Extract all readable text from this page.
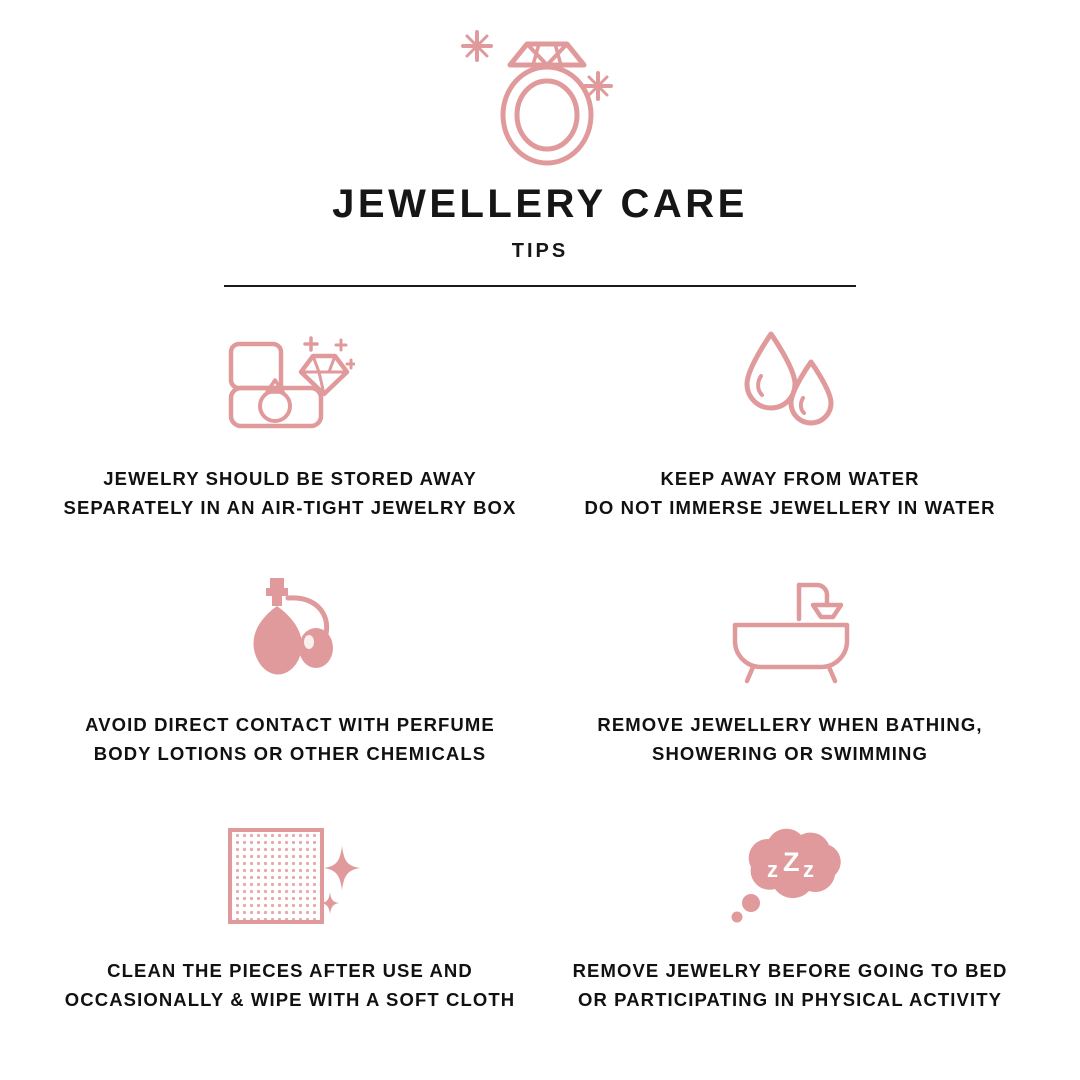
JEWELLERY CARE
TIPS
JEWELRY SHOULD BE STORED AWAY
SEPARATELY IN AN AIR-TIGHT JEWELRY BOX
KEEP AWAY FROM WATER
DO NOT IMMERSE JEWELLERY IN WATER
AVOID DIRECT CONTACT WITH PERFUME
BODY LOTIONS OR OTHER CHEMICALS
REMOVE JEWELLERY WHEN BATHING,
SHOWERING OR SWIMMING
CLEAN THE PIECES AFTER USE AND
OCCASIONALLY & WIPE WITH A SOFT CLOTH
z Z z
REMOVE JEWELRY BEFORE GOING TO BED
OR PARTICIPATING IN PHYSICAL ACTIVITY
